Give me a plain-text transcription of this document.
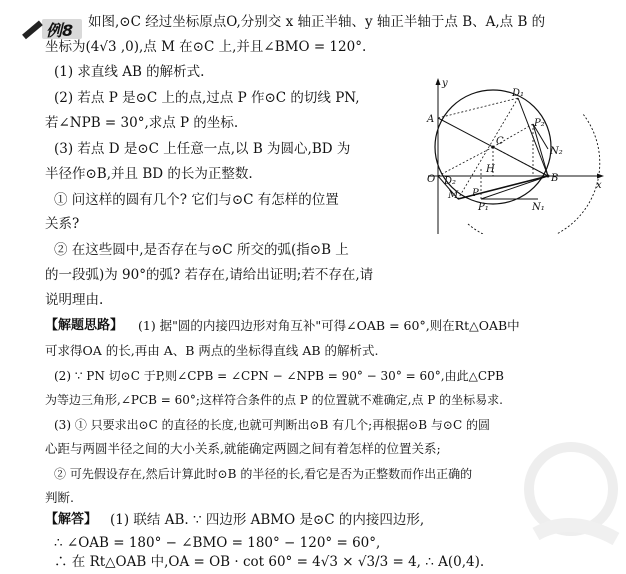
例8 如图,⊙C 经过坐标原点O,分别交 x 轴正半轴、y 轴正半轴于点 B、A,点 B 的
坐标为(4√3 ,0),点 M 在⊙C 上,并且∠BMO = 120°.
(1) 求直线 AB 的解析式.
(2) 若点 P 是⊙C 上的点,过点 P 作⊙C 的切线 PN,
若∠NPB = 30°,求点 P 的坐标.
(3) 若点 D 是⊙C 上任意一点,以 B 为圆心,BD 为
半径作⊙B,并且 BD 的长为正整数.
① 问这样的圆有几个? 它们与⊙C 有怎样的位置
关系?
② 在这些圆中,是否存在与⊙C 所交的弧(指⊙B 上
的一段弧)为 90°的弧? 若存在,请给出证明;若不存在,请
说明理由.
【解题思路】 (1) 据"圆的内接四边形对角互补"可得∠OAB = 60°,则在Rt△OAB中
可求得OA 的长,再由 A、B 两点的坐标得直线 AB 的解析式.
(2) ∵ PN 切⊙C 于P,则∠CPB = ∠CPN − ∠NPB = 90° − 30° = 60°,由此△CPB
为等边三角形,∠PCB = 60°;这样符合条件的点 P 的位置就不难确定,点 P 的坐标易求.
(3) ① 只要求出⊙C 的直径的长度,也就可判断出⊙B 有几个;再根据⊙B 与⊙C 的圆
心距与两圆半径之间的大小关系,就能确定两圆之间有着怎样的位置关系;
② 可先假设存在,然后计算此时⊙B 的半径的长,看它是否为正整数而作出正确的
判断.
【解答】 (1) 联结 AB. ∵ 四边形 ABMO 是⊙C 的内接四边形,
∴ ∠OAB = 180° − ∠BMO = 180° − 120° = 60°,
∴ 在 Rt△OAB 中,OA = OB · cot 60° = 4√3 × √3/3 = 4, ∴ A(0,4).
y
x
A
O	B
C
D₁
D₂
M
H
P
P₁
P₂
N₁
N₂
